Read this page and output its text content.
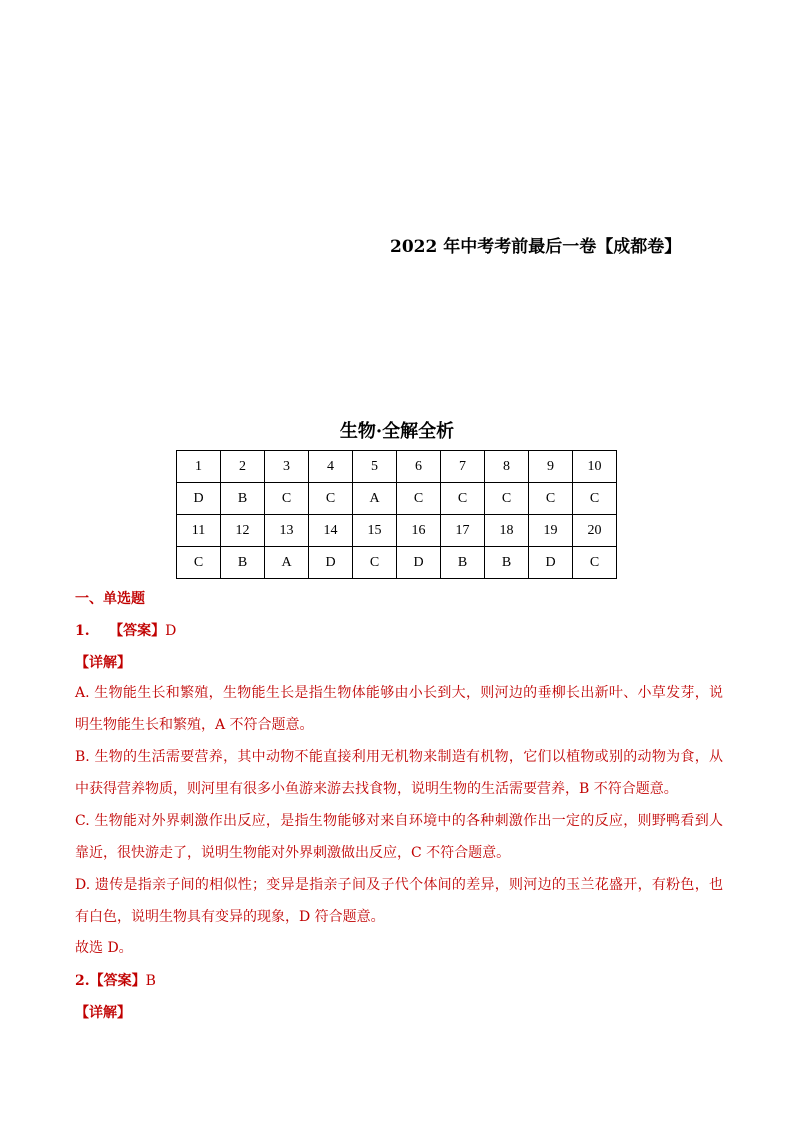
2022 年中考考前最后一卷【成都卷】
生物·全解全析
1	2	3	4	5	6	7	8	9	10
D	B	C	C	A	C	C	C	C	C
11	12	13	14	15	16	17	18	19	20
C	B	A	D	C	D	B	B	D	C
一、单选题
1. 【答案】D
【详解】
A. 生物能生长和繁殖，生物能生长是指生物体能够由小长到大，则河边的垂柳长出新叶、小草发芽，说明生物能生长和繁殖，A 不符合题意。
B. 生物的生活需要营养，其中动物不能直接利用无机物来制造有机物，它们以植物或别的动物为食，从中获得营养物质，则河里有很多小鱼游来游去找食物，说明生物的生活需要营养，B 不符合题意。
C. 生物能对外界刺激作出反应，是指生物能够对来自环境中的各种刺激作出一定的反应，则野鸭看到人靠近，很快游走了，说明生物能对外界刺激做出反应，C 不符合题意。
D. 遗传是指亲子间的相似性；变异是指亲子间及子代个体间的差异，则河边的玉兰花盛开，有粉色，也有白色，说明生物具有变异的现象，D 符合题意。
故选 D。
2.【答案】B
【详解】
